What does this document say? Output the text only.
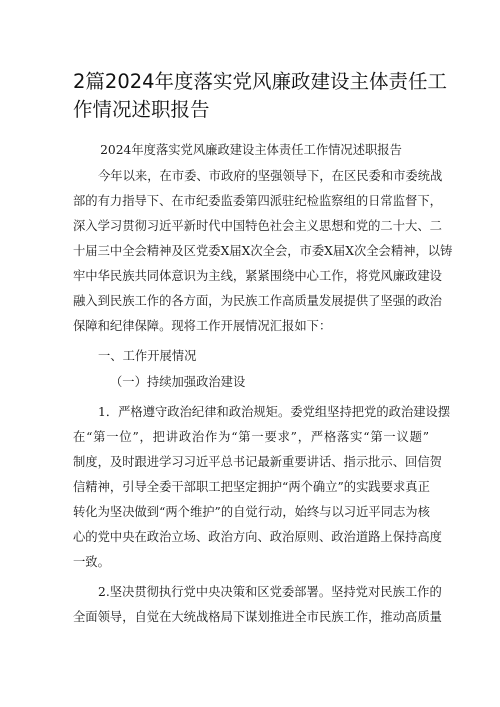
2篇2024年度落实党风廉政建设主体责任工
作情况述职报告

2024年度落实党风廉政建设主体责任工作情况述职报告

今年以来，在市委、市政府的坚强领导下，在区民委和市委统战

部的有力指导下、在市纪委监委第四派驻纪检监察组的日常监督下，

深入学习贯彻习近平新时代中国特色社会主义思想和党的二十大、二

十届三中全会精神及区党委X届X次全会，市委X届X次全会精神，以铸

牢中华民族共同体意识为主线，紧紧围绕中心工作，将党风廉政建设

融入到民族工作的各方面，为民族工作高质量发展提供了坚强的政治

保障和纪律保障。现将工作开展情况汇报如下：

一、工作开展情况

（一）持续加强政治建设

1．严格遵守政治纪律和政治规矩。委党组坚持把党的政治建设摆

在“第一位”，把讲政治作为“第一要求”，严格落实“第一议题”

制度，及时跟进学习习近平总书记最新重要讲话、指示批示、回信贺

信精神，引导全委干部职工把坚定拥护“两个确立”的实践要求真正

转化为坚决做到“两个维护”的自觉行动，始终与以习近平同志为核

心的党中央在政治立场、政治方向、政治原则、政治道路上保持高度

一致。

2.坚决贯彻执行党中央决策和区党委部署。坚持党对民族工作的

全面领导，自觉在大统战格局下谋划推进全市民族工作，推动高质量
